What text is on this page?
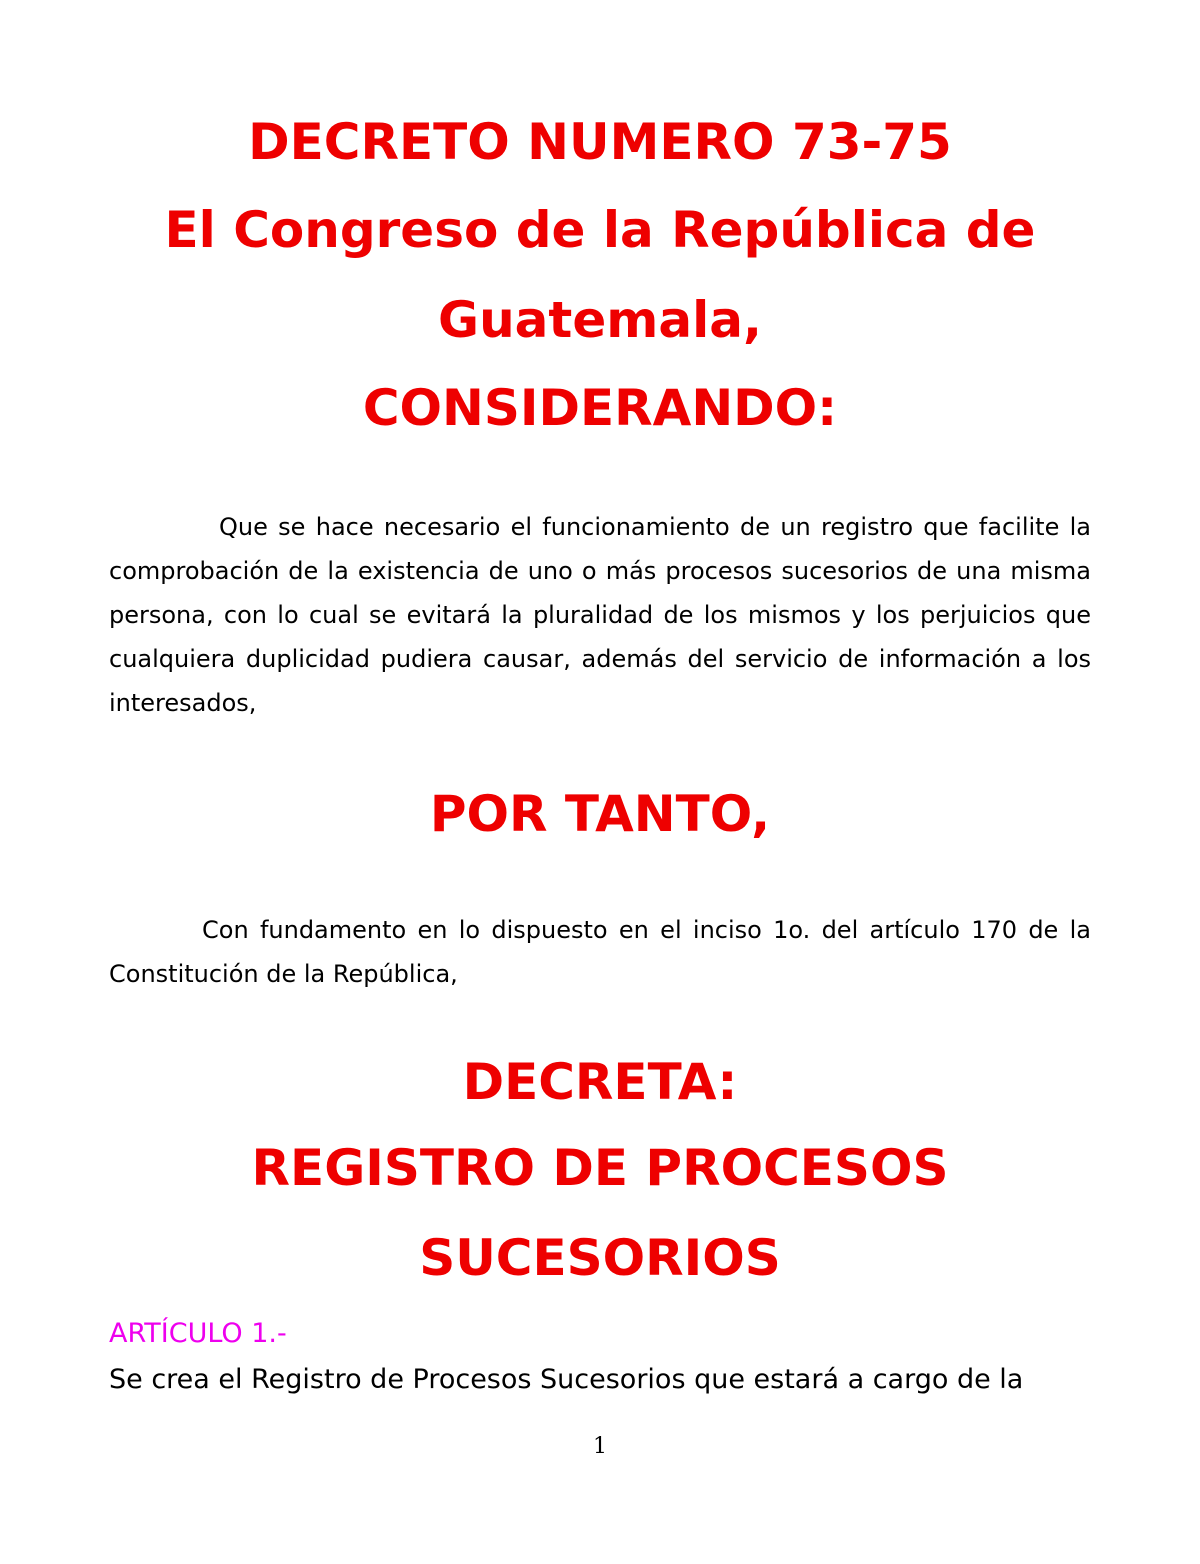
DECRETO NUMERO 73-75
El Congreso de la República de
Guatemala,
CONSIDERANDO:

Que se hace necesario el funcionamiento de un registro que facilite la comprobación de la existencia de uno o más procesos sucesorios de una misma persona, con lo cual se evitará la pluralidad de los mismos y los perjuicios que cualquiera duplicidad pudiera causar, además del servicio de información a los interesados,

POR TANTO,

Con fundamento en lo dispuesto en el inciso 1o. del artículo 170 de la Constitución de la República,

DECRETA:
REGISTRO DE PROCESOS
SUCESORIOS

ARTÍCULO 1.-

Se crea el Registro de Procesos Sucesorios que estará a cargo de la

1
